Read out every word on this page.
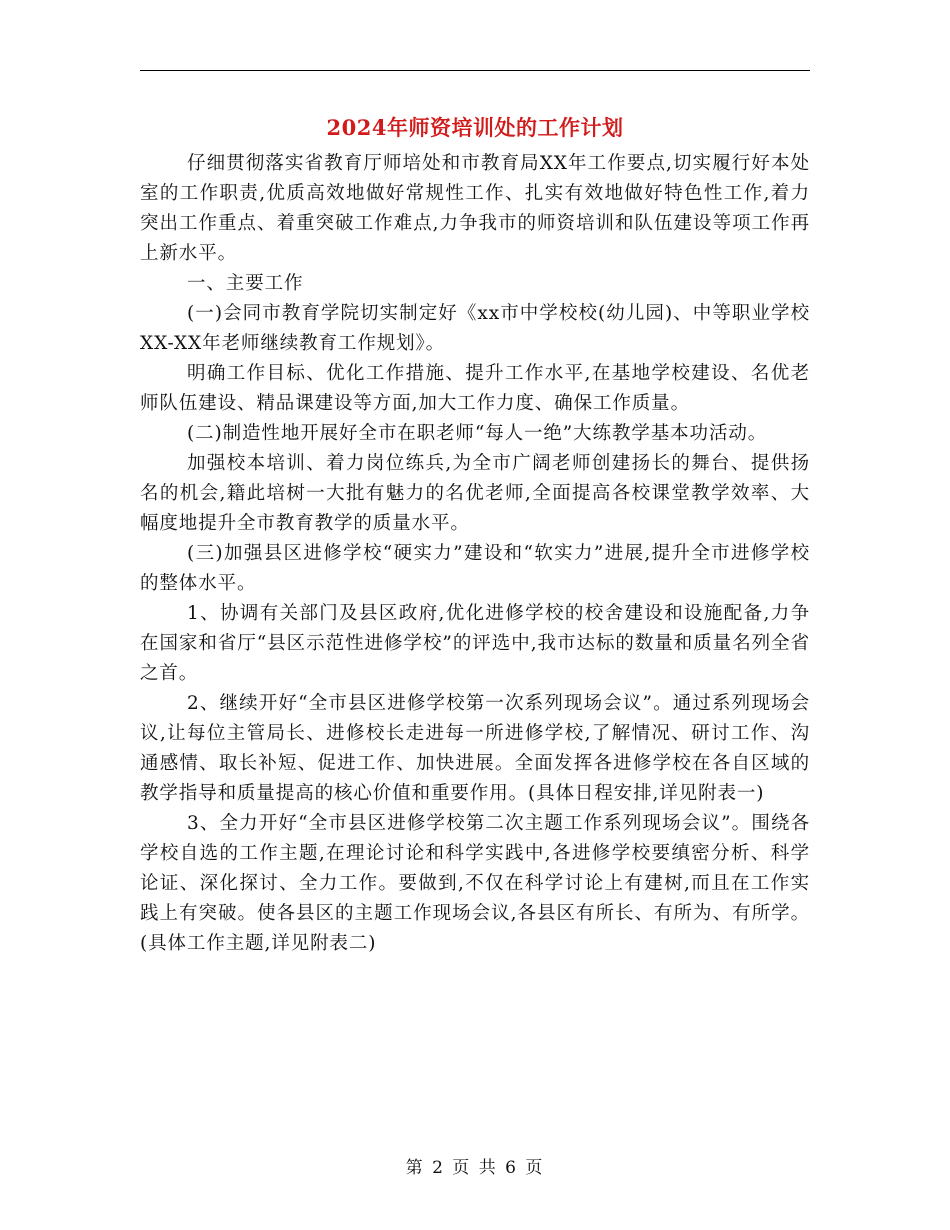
2024年师资培训处的工作计划

仔细贯彻落实省教育厅师培处和市教育局XX年工作要点,切实履行好本处室的工作职责,优质高效地做好常规性工作、扎实有效地做好特色性工作,着力突出工作重点、着重突破工作难点,力争我市的师资培训和队伍建设等项工作再上新水平。

一、主要工作

(一)会同市教育学院切实制定好《xx市中学校校(幼儿园)、中等职业学校XX-XX年老师继续教育工作规划》。

明确工作目标、优化工作措施、提升工作水平,在基地学校建设、名优老师队伍建设、精品课建设等方面,加大工作力度、确保工作质量。

(二)制造性地开展好全市在职老师“每人一绝”大练教学基本功活动。

加强校本培训、着力岗位练兵,为全市广阔老师创建扬长的舞台、提供扬名的机会,籍此培树一大批有魅力的名优老师,全面提高各校课堂教学效率、大幅度地提升全市教育教学的质量水平。

(三)加强县区进修学校“硬实力”建设和“软实力”进展,提升全市进修学校的整体水平。

1、协调有关部门及县区政府,优化进修学校的校舍建设和设施配备,力争在国家和省厅“县区示范性进修学校”的评选中,我市达标的数量和质量名列全省之首。

2、继续开好“全市县区进修学校第一次系列现场会议”。通过系列现场会议,让每位主管局长、进修校长走进每一所进修学校,了解情况、研讨工作、沟通感情、取长补短、促进工作、加快进展。全面发挥各进修学校在各自区域的教学指导和质量提高的核心价值和重要作用。(具体日程安排,详见附表一)

3、全力开好“全市县区进修学校第二次主题工作系列现场会议”。围绕各学校自选的工作主题,在理论讨论和科学实践中,各进修学校要缜密分析、科学论证、深化探讨、全力工作。要做到,不仅在科学讨论上有建树,而且在工作实践上有突破。使各县区的主题工作现场会议,各县区有所长、有所为、有所学。(具体工作主题,详见附表二)

第 2 页 共 6 页
